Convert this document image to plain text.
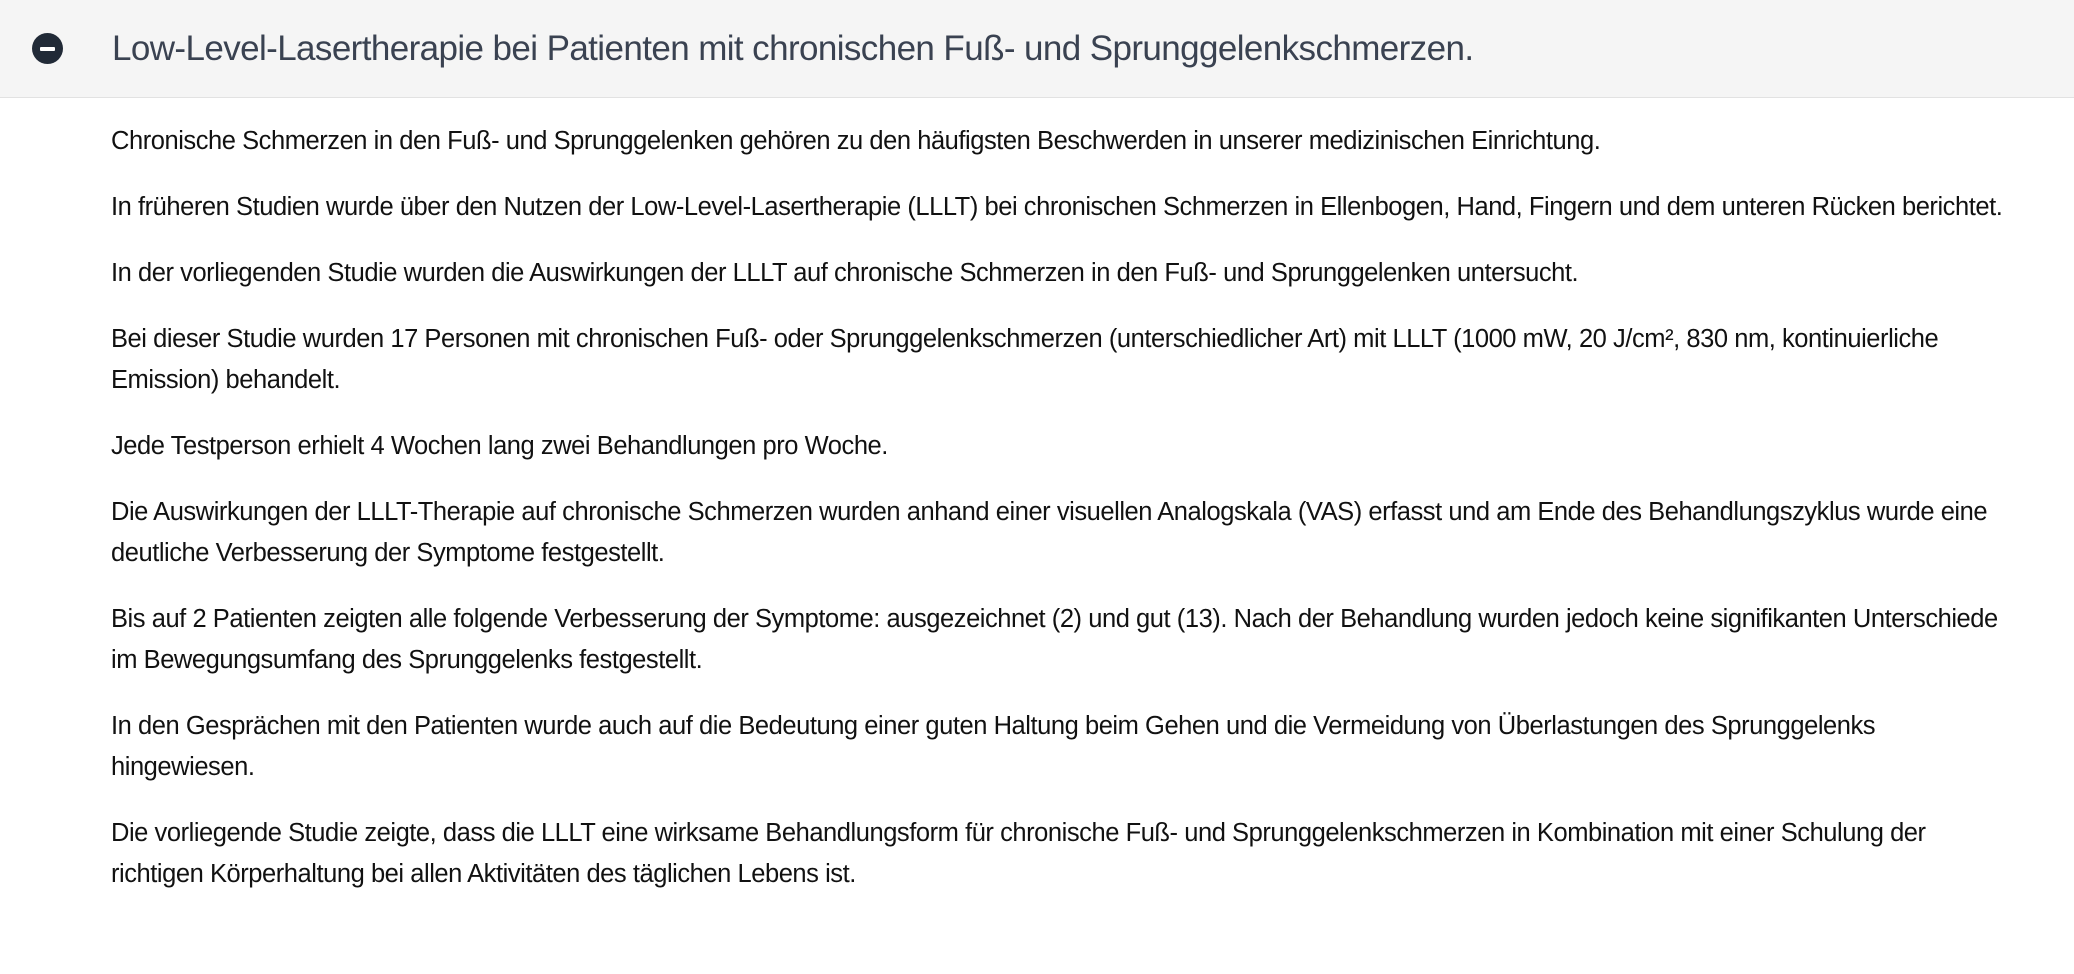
Low-Level-Lasertherapie bei Patienten mit chronischen Fuß- und Sprunggelenkschmerzen.

Chronische Schmerzen in den Fuß- und Sprunggelenken gehören zu den häufigsten Beschwerden in unserer medizinischen Einrichtung.

In früheren Studien wurde über den Nutzen der Low-Level-Lasertherapie (LLLT) bei chronischen Schmerzen in Ellenbogen, Hand, Fingern und dem unteren Rücken berichtet.

In der vorliegenden Studie wurden die Auswirkungen der LLLT auf chronische Schmerzen in den Fuß- und Sprunggelenken untersucht.

Bei dieser Studie wurden 17 Personen mit chronischen Fuß- oder Sprunggelenkschmerzen (unterschiedlicher Art) mit LLLT (1000 mW, 20 J/cm², 830 nm, kontinuierliche Emission) behandelt.

Jede Testperson erhielt 4 Wochen lang zwei Behandlungen pro Woche.

Die Auswirkungen der LLLT-Therapie auf chronische Schmerzen wurden anhand einer visuellen Analogskala (VAS) erfasst und am Ende des Behandlungszyklus wurde eine deutliche Verbesserung der Symptome festgestellt.

Bis auf 2 Patienten zeigten alle folgende Verbesserung der Symptome: ausgezeichnet (2) und gut (13). Nach der Behandlung wurden jedoch keine signifikanten Unterschiede im Bewegungsumfang des Sprunggelenks festgestellt.

In den Gesprächen mit den Patienten wurde auch auf die Bedeutung einer guten Haltung beim Gehen und die Vermeidung von Überlastungen des Sprunggelenks hingewiesen.

Die vorliegende Studie zeigte, dass die LLLT eine wirksame Behandlungsform für chronische Fuß- und Sprunggelenkschmerzen in Kombination mit einer Schulung der richtigen Körperhaltung bei allen Aktivitäten des täglichen Lebens ist.
